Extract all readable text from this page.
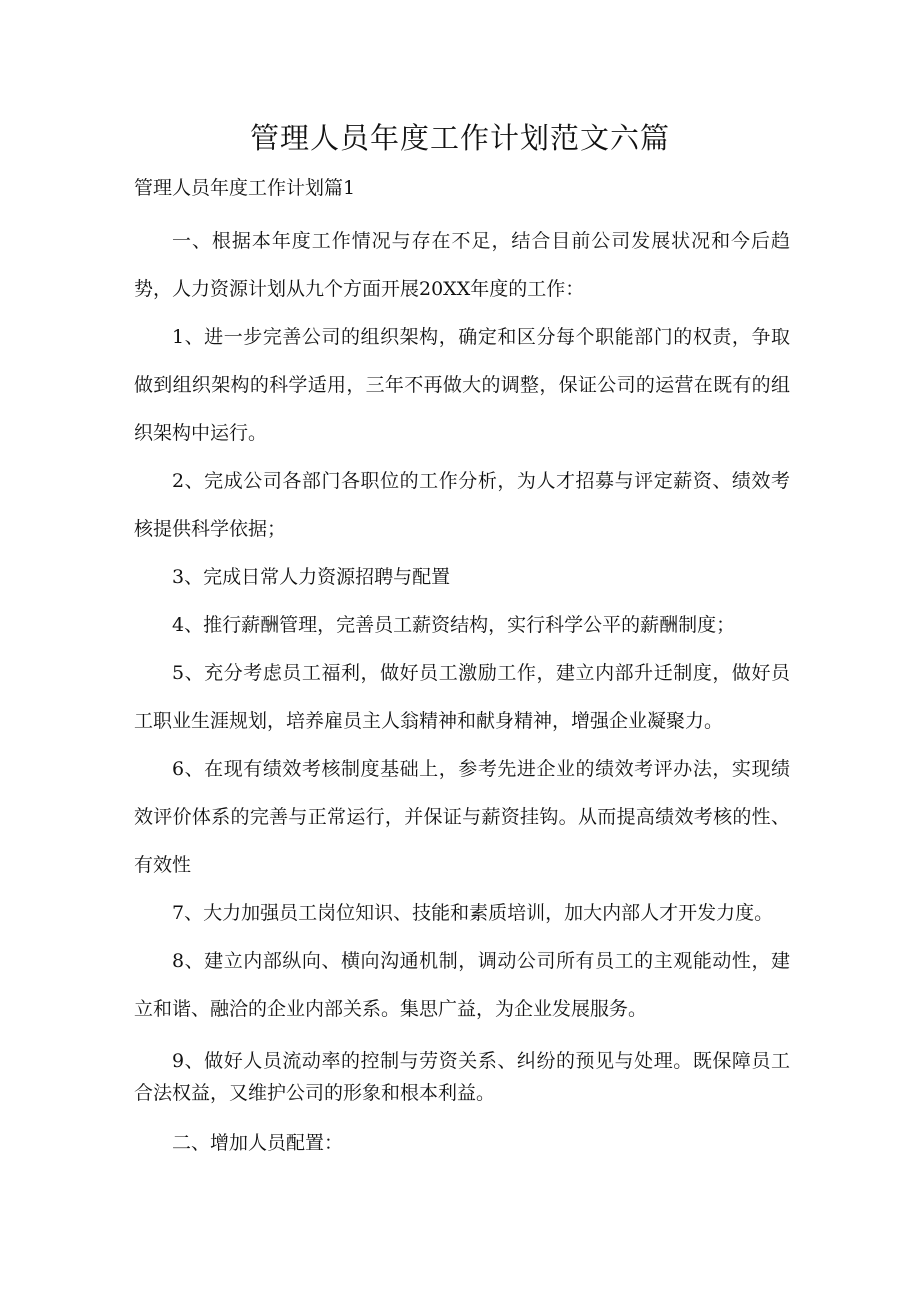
管理人员年度工作计划范文六篇
管理人员年度工作计划篇1

一、根据本年度工作情况与存在不足，结合目前公司发展状况和今后趋势，人力资源计划从九个方面开展20XX年度的工作：

1、进一步完善公司的组织架构，确定和区分每个职能部门的权责，争取做到组织架构的科学适用，三年不再做大的调整，保证公司的运营在既有的组织架构中运行。

2、完成公司各部门各职位的工作分析，为人才招募与评定薪资、绩效考核提供科学依据；

3、完成日常人力资源招聘与配置

4、推行薪酬管理，完善员工薪资结构，实行科学公平的薪酬制度；

5、充分考虑员工福利，做好员工激励工作，建立内部升迁制度，做好员工职业生涯规划，培养雇员主人翁精神和献身精神，增强企业凝聚力。

6、在现有绩效考核制度基础上，参考先进企业的绩效考评办法，实现绩效评价体系的完善与正常运行，并保证与薪资挂钩。从而提高绩效考核的性、有效性

7、大力加强员工岗位知识、技能和素质培训，加大内部人才开发力度。

8、建立内部纵向、横向沟通机制，调动公司所有员工的主观能动性，建立和谐、融洽的企业内部关系。集思广益，为企业发展服务。

9、做好人员流动率的控制与劳资关系、纠纷的预见与处理。既保障员工合法权益，又维护公司的形象和根本利益。

二、增加人员配置：
